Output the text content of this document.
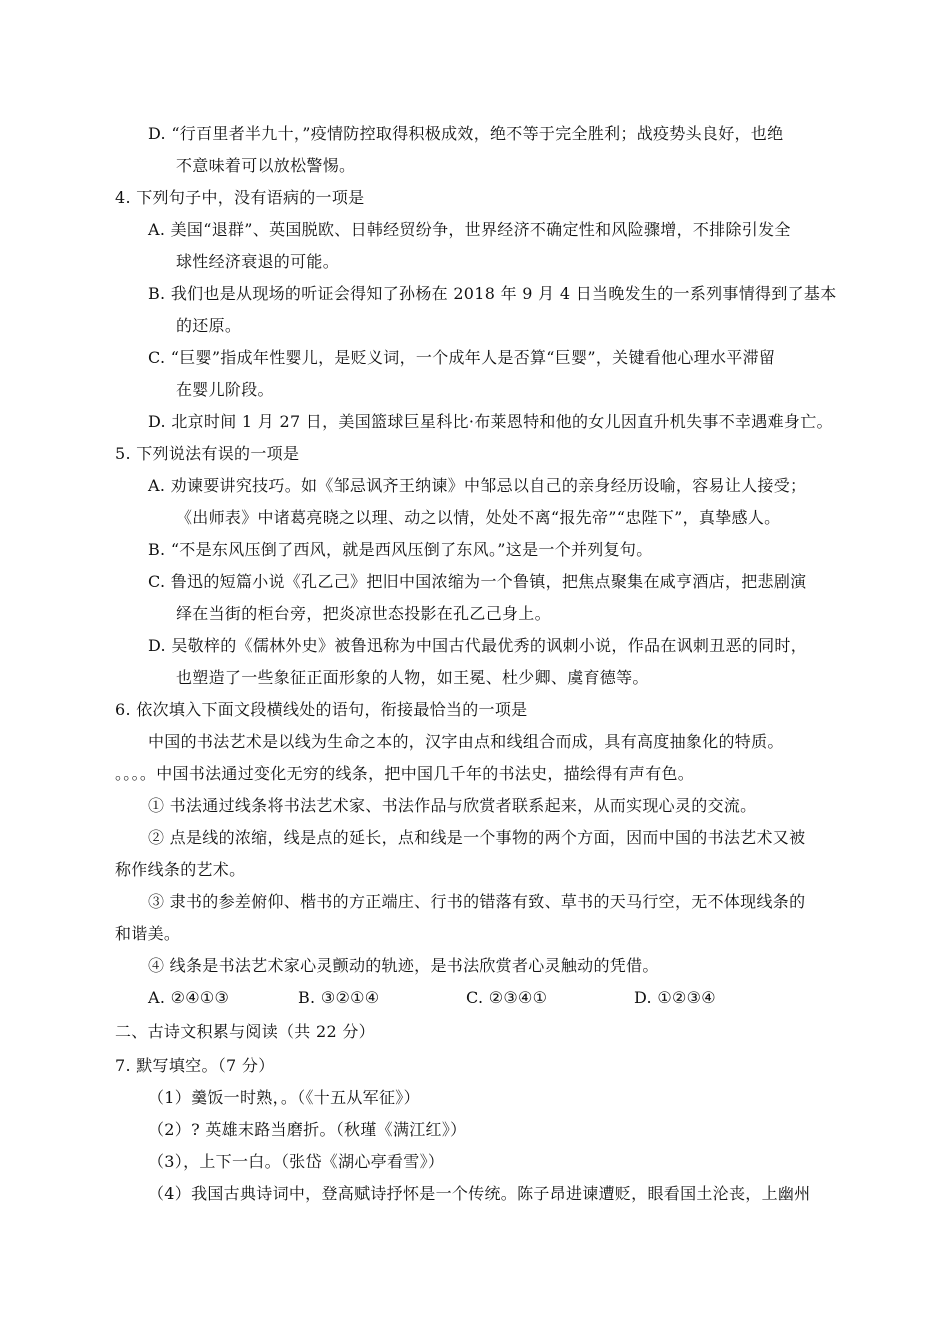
D. “行百里者半九十，”疫情防控取得积极成效，绝不等于完全胜利；战疫势头良好，也绝
不意味着可以放松警惕。
4. 下列句子中，没有语病的一项是
A. 美国“退群”、英国脱欧、日韩经贸纷争，世界经济不确定性和风险骤增，不排除引发全
球性经济衰退的可能。
B. 我们也是从现场的听证会得知了孙杨在 2018 年 9 月 4 日当晚发生的一系列事情得到了基本
的还原。
C. “巨婴”指成年性婴儿，是贬义词，一个成年人是否算“巨婴”，关键看他心理水平滞留
在婴儿阶段。
D. 北京时间 1 月 27 日，美国篮球巨星科比·布莱恩特和他的女儿因直升机失事不幸遇难身亡。
5. 下列说法有误的一项是
A. 劝谏要讲究技巧。如《邹忌讽齐王纳谏》中邹忌以自己的亲身经历设喻，容易让人接受；
《出师表》中诸葛亮晓之以理、动之以情，处处不离“报先帝”“忠陛下”，真挚感人。
B. “不是东风压倒了西风，就是西风压倒了东风。”这是一个并列复句。
C. 鲁迅的短篇小说《孔乙己》把旧中国浓缩为一个鲁镇，把焦点聚集在咸亨酒店，把悲剧演
绎在当街的柜台旁，把炎凉世态投影在孔乙己身上。
D. 吴敬梓的《儒林外史》被鲁迅称为中国古代最优秀的讽刺小说，作品在讽刺丑恶的同时，
也塑造了一些象征正面形象的人物，如王冕、杜少卿、虞育德等。
6. 依次填入下面文段横线处的语句，衔接最恰当的一项是
中国的书法艺术是以线为生命之本的，汉字由点和线组合而成，具有高度抽象化的特质。
。。。。中国书法通过变化无穷的线条，把中国几千年的书法史，描绘得有声有色。
① 书法通过线条将书法艺术家、书法作品与欣赏者联系起来，从而实现心灵的交流。
② 点是线的浓缩，线是点的延长，点和线是一个事物的两个方面，因而中国的书法艺术又被
称作线条的艺术。
③ 隶书的参差俯仰、楷书的方正端庄、行书的错落有致、草书的天马行空，无不体现线条的
和谐美。
④ 线条是书法艺术家心灵颤动的轨迹，是书法欣赏者心灵触动的凭借。
A. ②④①③	B. ③②①④	C. ②③④①	D. ①②③④
二、古诗文积累与阅读（共 22 分）
7. 默写填空。（7 分）
（1）羹饭一时熟，。（《十五从军征》）
（2）? 英雄末路当磨折。（秋瑾《满江红》）
（3），上下一白。（张岱《湖心亭看雪》）
（4）我国古典诗词中，登高赋诗抒怀是一个传统。陈子昂进谏遭贬，眼看国土沦丧，上幽州
